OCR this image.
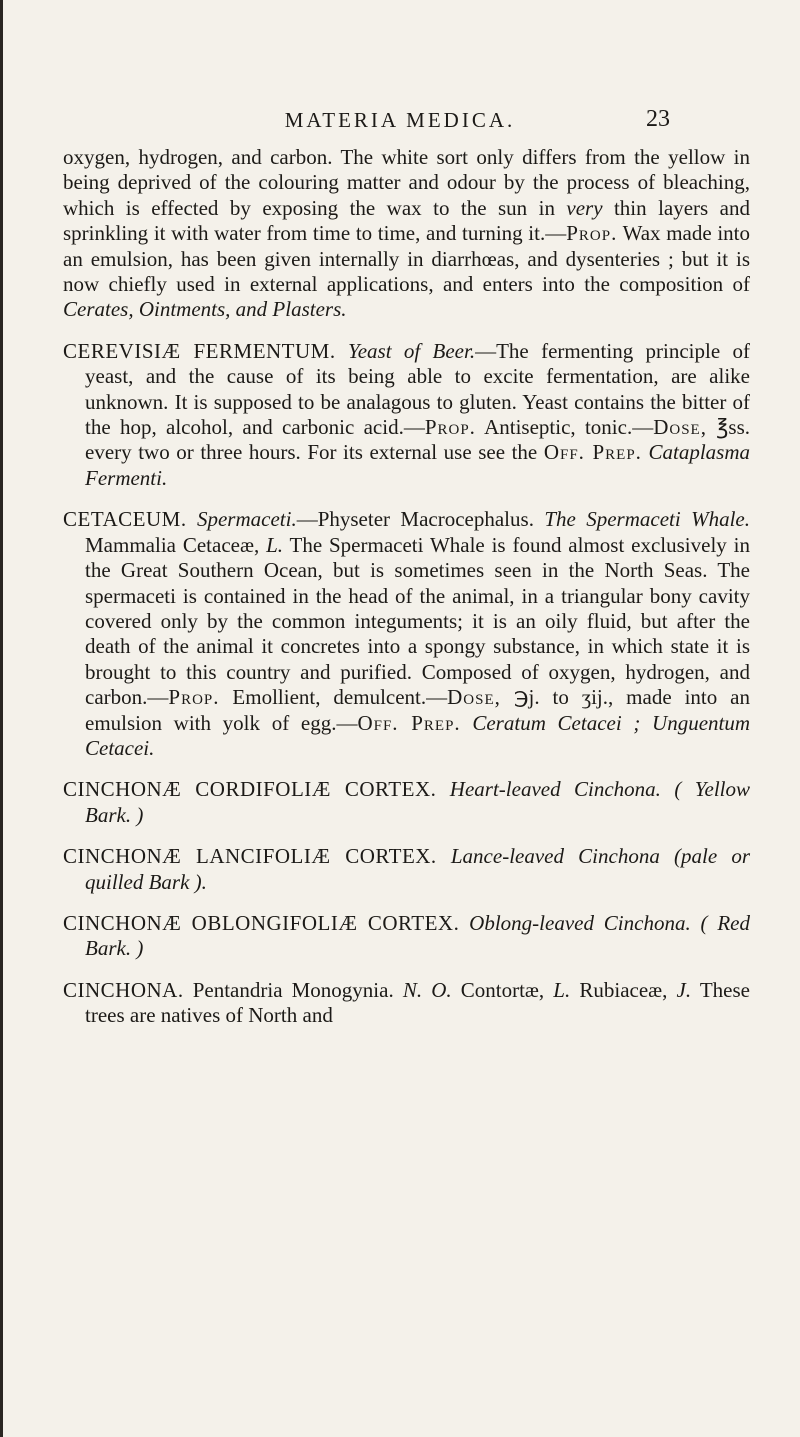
MATERIA MEDICA.	23

oxygen, hydrogen, and carbon. The white sort only differs from the yellow in being deprived of the colouring matter and odour by the process of bleaching, which is effected by exposing the wax to the sun in very thin layers and sprinkling it with water from time to time, and turning it.—Prop. Wax made into an emulsion, has been given internally in diarrhœas, and dysenteries ; but it is now chiefly used in external applications, and enters into the composition of Cerates, Ointments, and Plasters.

CEREVISIÆ FERMENTUM. Yeast of Beer.—The fermenting principle of yeast, and the cause of its being able to excite fermentation, are alike unknown. It is supposed to be analagous to gluten. Yeast contains the bitter of the hop, alcohol, and carbonic acid.—Prop. Antiseptic, tonic.—Dose, ℥ss. every two or three hours. For its external use see the Off. Prep. Cataplasma Fermenti.

CETACEUM. Spermaceti.—Physeter Macrocephalus. The Spermaceti Whale. Mammalia Cetaceæ, L. The Spermaceti Whale is found almost exclusively in the Great Southern Ocean, but is sometimes seen in the North Seas. The spermaceti is contained in the head of the animal, in a triangular bony cavity covered only by the common integuments; it is an oily fluid, but after the death of the animal it concretes into a spongy substance, in which state it is brought to this country and purified. Composed of oxygen, hydrogen, and carbon.—Prop. Emollient, demulcent.—Dose, ℈j. to ʒij., made into an emulsion with yolk of egg.—Off. Prep. Ceratum Cetacei ; Unguentum Cetacei.

CINCHONÆ CORDIFOLIÆ CORTEX. Heart-leaved Cinchona. ( Yellow Bark. )

CINCHONÆ LANCIFOLIÆ CORTEX. Lance-leaved Cinchona (pale or quilled Bark ).

CINCHONÆ OBLONGIFOLIÆ CORTEX. Oblong-leaved Cinchona. ( Red Bark. )

CINCHONA. Pentandria Monogynia. N. O. Contortæ, L. Rubiaceæ, J. These trees are natives of North and
